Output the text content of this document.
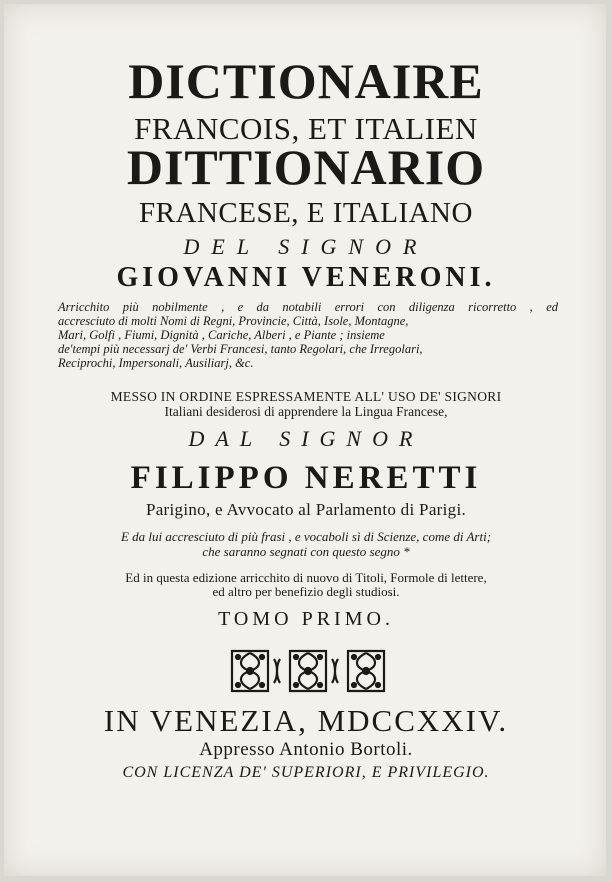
DICTIONAIRE
FRANCOIS, ET ITALIEN
DITTIONARIO
FRANCESE, E ITALIANO
DEL SIGNOR
GIOVANNI VENERONI.
Arricchito più nobilmente , e da notabili errori con diligenza ricorretto , ed
accresciuto di molti Nomi di Regni, Provincie, Città, Isole, Montagne,
Mari, Golfi , Fiumi, Dignità , Cariche, Alberi , e Piante ; insieme
de'tempi più necessarj de' Verbi Francesi, tanto Regolari, che Irregolari,
Reciprochi, Impersonali, Ausiliarj, &c.
MESSO IN ORDINE ESPRESSAMENTE ALL' USO DE' SIGNORI
Italiani desiderosi di apprendere la Lingua Francese,
DAL SIGNOR
FILIPPO NERETTI
Parigino, e Avvocato al Parlamento di Parigi.
E da lui accresciuto di più frasi , e vocaboli sì di Scienze, come di Arti;
che saranno segnati con questo segno *
Ed in questa edizione arricchito di nuovo di Titoli, Formole di lettere,
ed altro per benefizio degli studiosi.
TOMO PRIMO.
IN VENEZIA, MDCCXXIV.
Appresso Antonio Bortoli.
CON LICENZA DE' SUPERIORI, E PRIVILEGIO.
